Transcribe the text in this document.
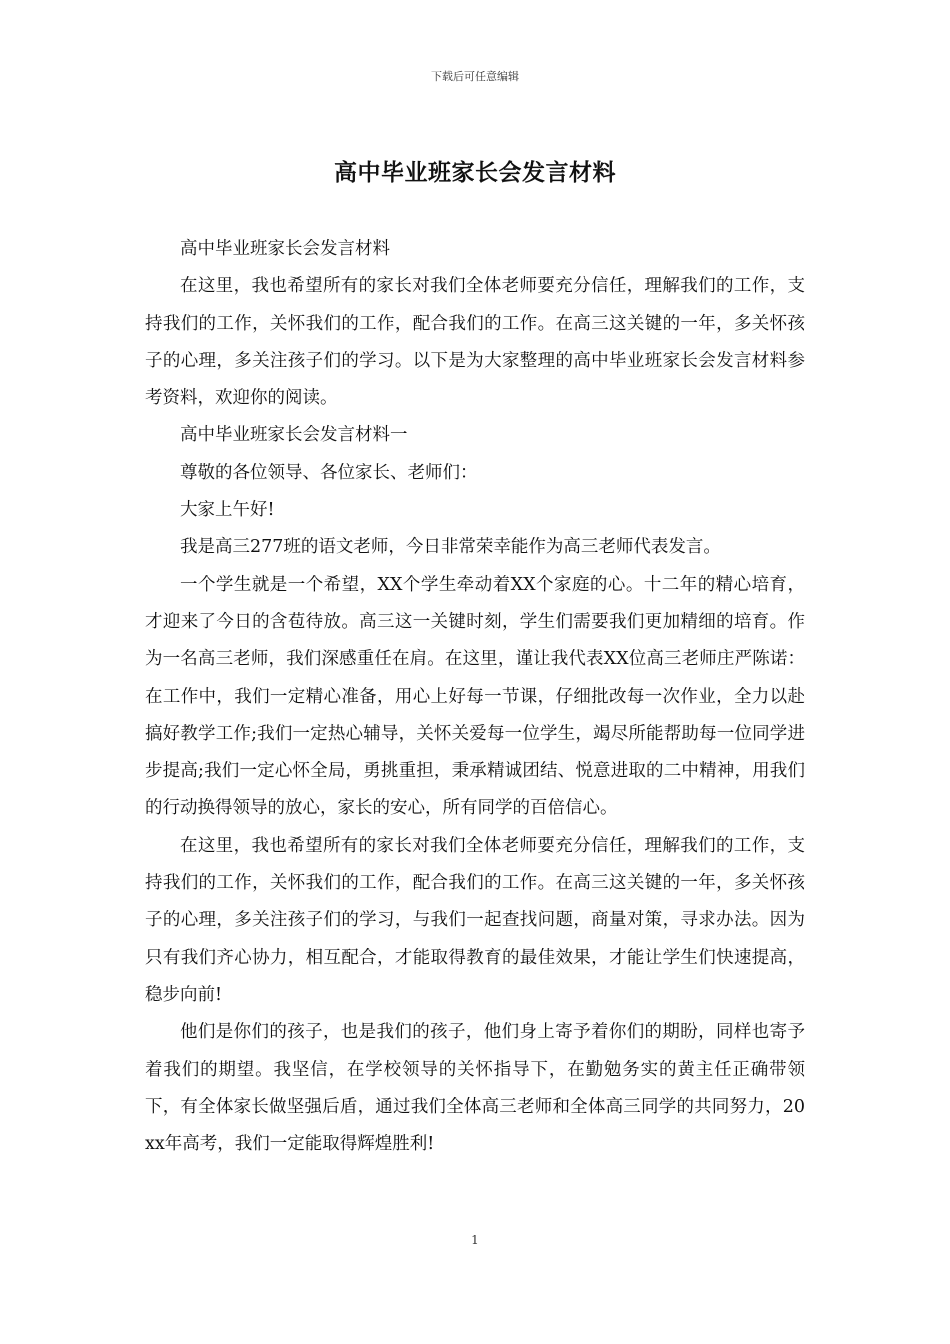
下载后可任意编辑
高中毕业班家长会发言材料

高中毕业班家长会发言材料

在这里，我也希望所有的家长对我们全体老师要充分信任，理解我们的工作，支持我们的工作，关怀我们的工作，配合我们的工作。在高三这关键的一年，多关怀孩子的心理，多关注孩子们的学习。以下是为大家整理的高中毕业班家长会发言材料参考资料，欢迎你的阅读。

高中毕业班家长会发言材料一

尊敬的各位领导、各位家长、老师们：

大家上午好!

我是高三277班的语文老师，今日非常荣幸能作为高三老师代表发言。

一个学生就是一个希望，XX个学生牵动着XX个家庭的心。十二年的精心培育，才迎来了今日的含苞待放。高三这一关键时刻，学生们需要我们更加精细的培育。作为一名高三老师，我们深感重任在肩。在这里，谨让我代表XX位高三老师庄严陈诺：在工作中，我们一定精心准备，用心上好每一节课，仔细批改每一次作业，全力以赴搞好教学工作;我们一定热心辅导，关怀关爱每一位学生，竭尽所能帮助每一位同学进步提高;我们一定心怀全局，勇挑重担，秉承精诚团结、悦意进取的二中精神，用我们的行动换得领导的放心，家长的安心，所有同学的百倍信心。

在这里，我也希望所有的家长对我们全体老师要充分信任，理解我们的工作，支持我们的工作，关怀我们的工作，配合我们的工作。在高三这关键的一年，多关怀孩子的心理，多关注孩子们的学习，与我们一起查找问题，商量对策，寻求办法。因为只有我们齐心协力，相互配合，才能取得教育的最佳效果，才能让学生们快速提高，稳步向前!

他们是你们的孩子，也是我们的孩子，他们身上寄予着你们的期盼，同样也寄予着我们的期望。我坚信，在学校领导的关怀指导下，在勤勉务实的黄主任正确带领下，有全体家长做坚强后盾，通过我们全体高三老师和全体高三同学的共同努力，20xx年高考，我们一定能取得辉煌胜利!

1
